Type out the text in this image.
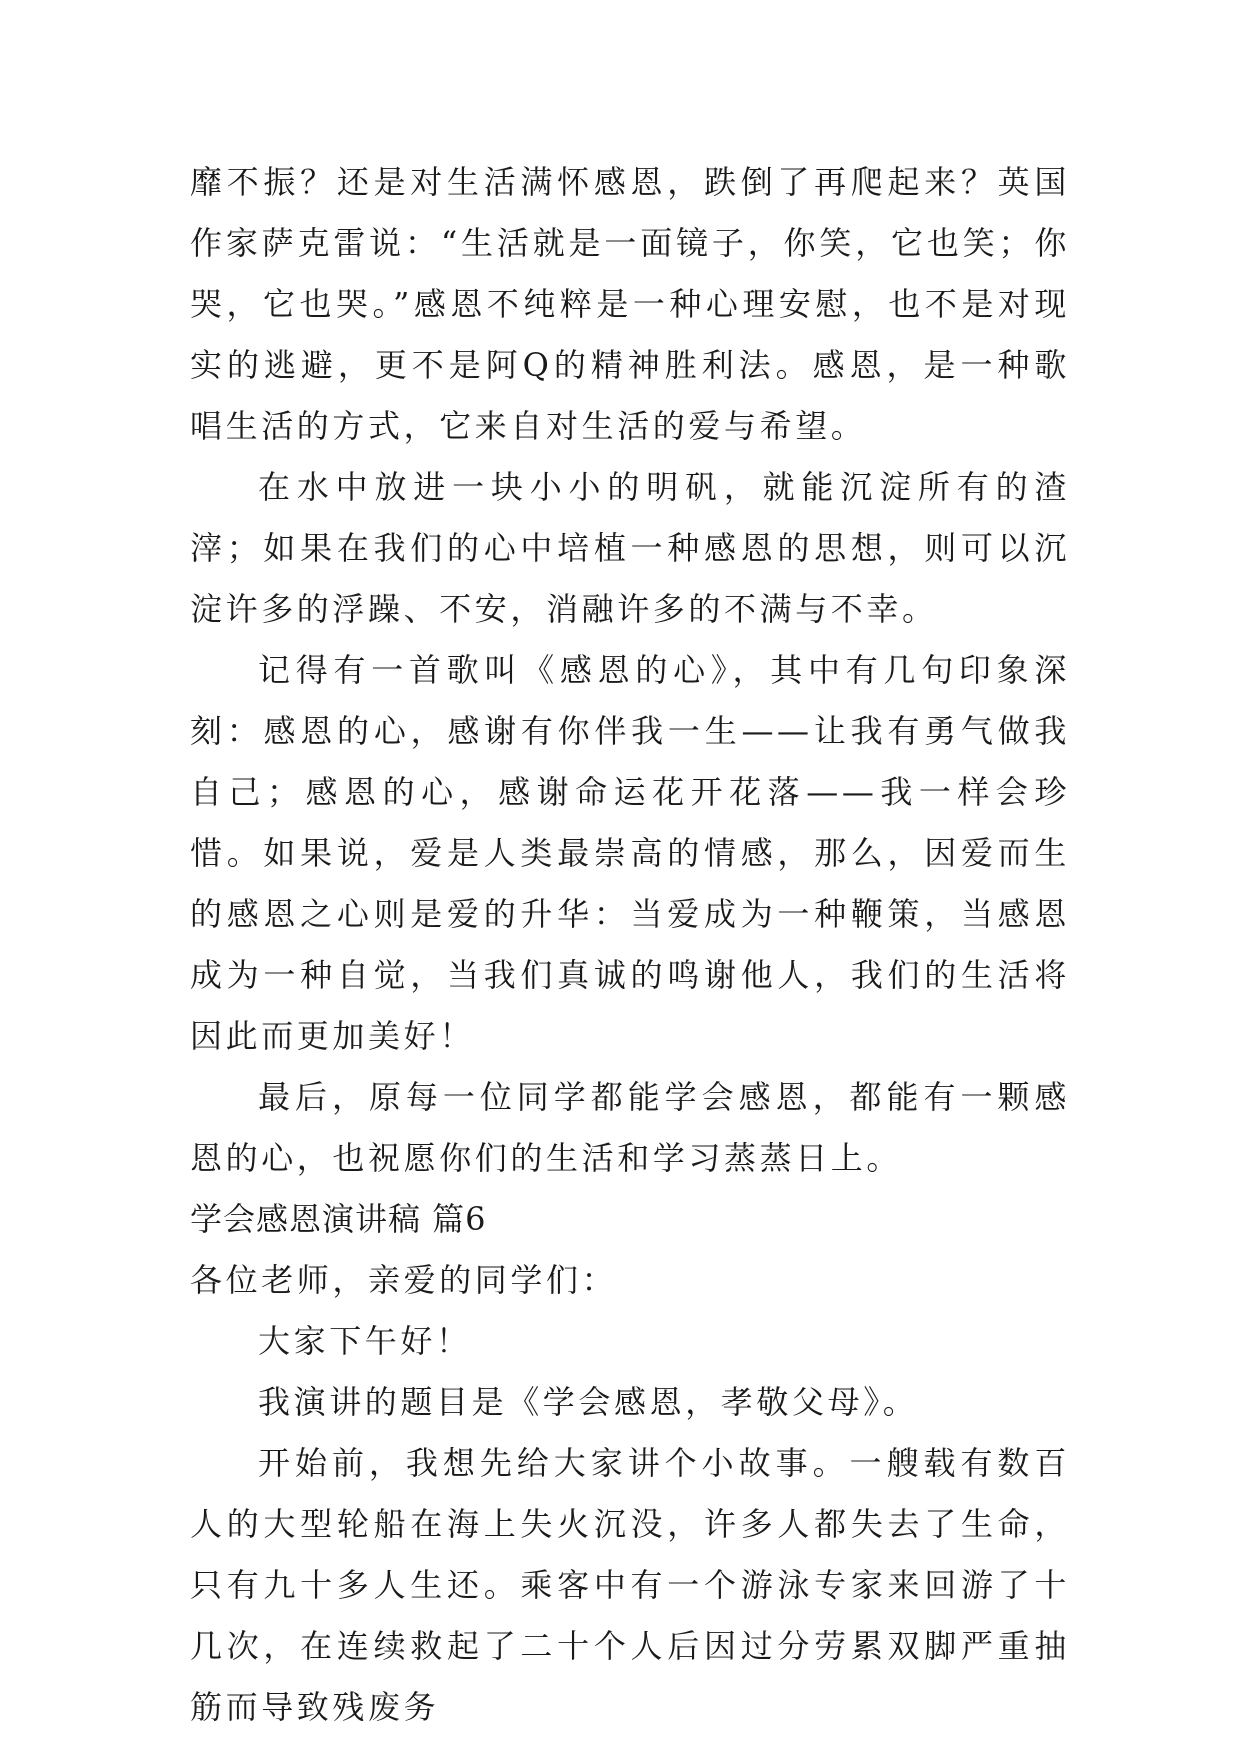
靡不振？还是对生活满怀感恩，跌倒了再爬起来？英国作家萨克雷说：“生活就是一面镜子，你笑，它也笑；你哭，它也哭。”感恩不纯粹是一种心理安慰，也不是对现实的逃避，更不是阿Q的精神胜利法。感恩，是一种歌唱生活的方式，它来自对生活的爱与希望。

在水中放进一块小小的明矾，就能沉淀所有的渣滓；如果在我们的心中培植一种感恩的思想，则可以沉淀许多的浮躁、不安，消融许多的不满与不幸。

记得有一首歌叫《感恩的心》，其中有几句印象深刻：感恩的心，感谢有你伴我一生——让我有勇气做我自己；感恩的心，感谢命运花开花落——我一样会珍惜。如果说，爱是人类最崇高的情感，那么，因爱而生的感恩之心则是爱的升华：当爱成为一种鞭策，当感恩成为一种自觉，当我们真诚的鸣谢他人，我们的生活将因此而更加美好！

最后，原每一位同学都能学会感恩，都能有一颗感恩的心，也祝愿你们的生活和学习蒸蒸日上。

学会感恩演讲稿 篇6

各位老师，亲爱的同学们：

大家下午好！

我演讲的题目是《学会感恩，孝敬父母》。

开始前，我想先给大家讲个小故事。一艘载有数百人的大型轮船在海上失火沉没，许多人都失去了生命，只有九十多人生还。乘客中有一个游泳专家来回游了十几次，在连续救起了二十个人后因过分劳累双脚严重抽筋而导致残废务
